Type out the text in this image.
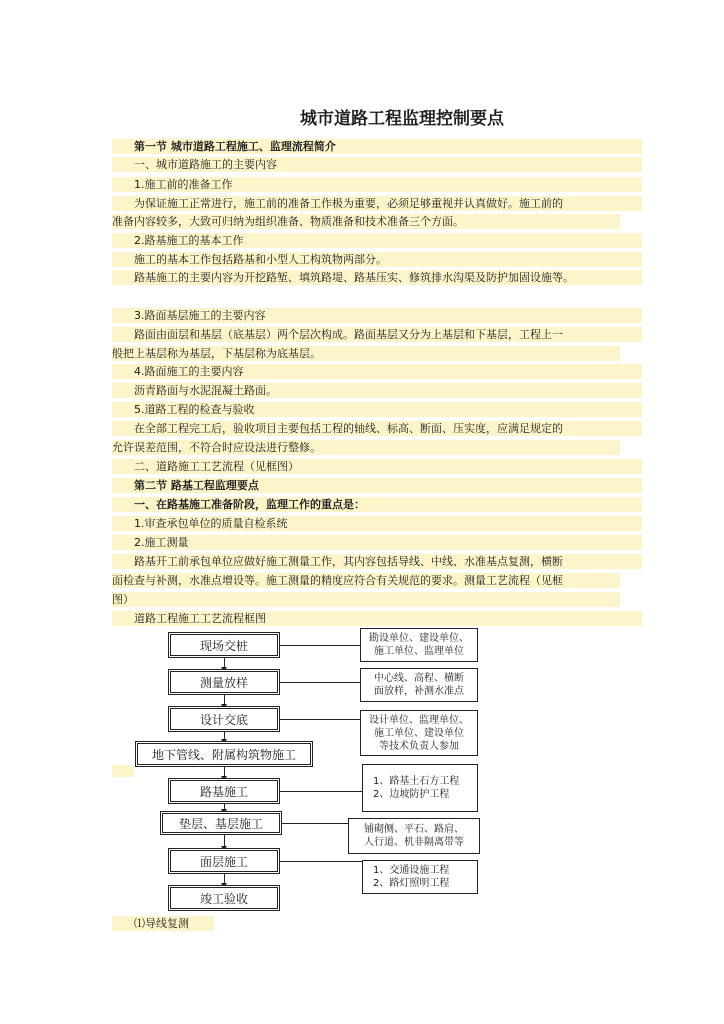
城市道路工程监理控制要点
第一节 城市道路工程施工、监理流程简介
一、城市道路施工的主要内容
1.施工前的准备工作
为保证施工正常进行，施工前的准备工作极为重要，必须足够重视并认真做好。施工前的
准备内容较多，大致可归纳为组织准备、物质准备和技术准备三个方面。
2.路基施工的基本工作
施工的基本工作包括路基和小型人工构筑物两部分。
路基施工的主要内容为开挖路堑、填筑路堤、路基压实、修筑排水沟渠及防护加固设施等。
3.路面基层施工的主要内容
路面由面层和基层（底基层）两个层次构成。路面基层又分为上基层和下基层，工程上一
般把上基层称为基层，下基层称为底基层。
4.路面施工的主要内容
沥青路面与水泥混凝土路面。
5.道路工程的检查与验收
在全部工程完工后，验收项目主要包括工程的轴线、标高、断面、压实度，应满足规定的
允许误差范围，不符合时应设法进行整修。
二、道路施工工艺流程（见框图）
第二节 路基工程监理要点
一、在路基施工准备阶段，监理工作的重点是：
1.审查承包单位的质量自检系统
2.施工测量
路基开工前承包单位应做好施工测量工作，其内容包括导线、中线、水准基点复测，横断
面检查与补测，水准点增设等。施工测量的精度应符合有关规范的要求。测量工艺流程（见框
图）
道路工程施工工艺流程框图
现场交桩
测量放样
设计交底
地下管线、附属构筑物施工
路基施工
垫层、基层施工
面层施工
竣工验收
勘设单位、建设单位、
施工单位、监理单位
中心线、高程、横断
面放样，补测水准点
设计单位、监理单位、
施工单位、建设单位
等技术负责人参加
1、路基土石方工程
2、边坡防护工程
铺砌侧、平石、路肩、
人行道、机非隔离带等
1、交通设施工程
2、路灯照明工程
⑴导线复测
